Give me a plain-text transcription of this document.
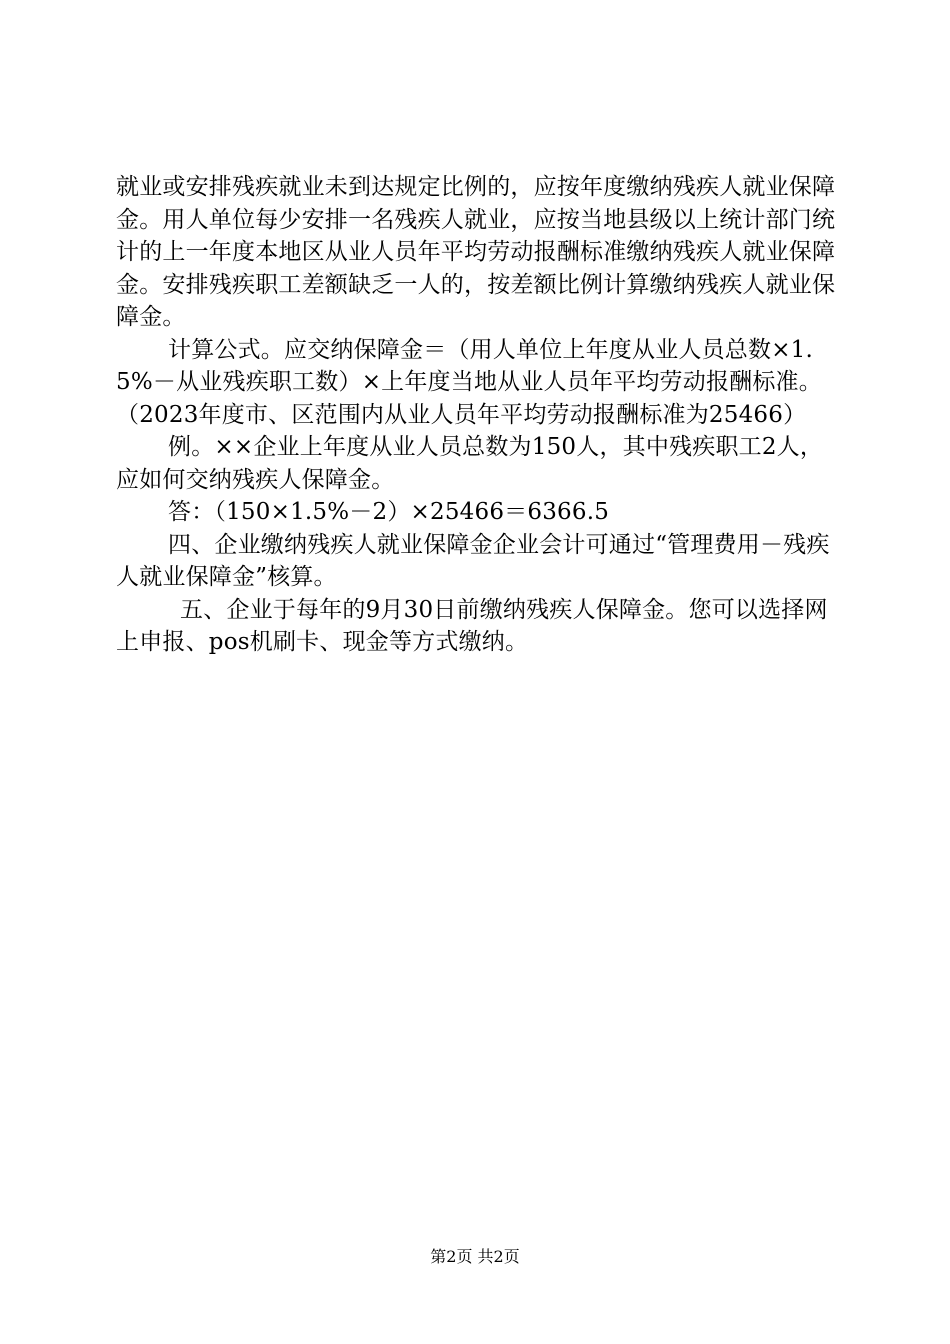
就业或安排残疾就业未到达规定比例的，应按年度缴纳残疾人就业保障金。用人单位每少安排一名残疾人就业，应按当地县级以上统计部门统计的上一年度本地区从业人员年平均劳动报酬标准缴纳残疾人就业保障金。安排残疾职工差额缺乏一人的，按差额比例计算缴纳残疾人就业保障金。

计算公式。应交纳保障金＝（用人单位上年度从业人员总数×1.5%－从业残疾职工数）×上年度当地从业人员年平均劳动报酬标准。（2023年度市、区范围内从业人员年平均劳动报酬标准为25466）

例。××企业上年度从业人员总数为150人，其中残疾职工2人，应如何交纳残疾人保障金。

答：（150×1.5%－2）×25466＝6366.5

四、企业缴纳残疾人就业保障金企业会计可通过“管理费用－残疾人就业保障金”核算。

五、企业于每年的9月30日前缴纳残疾人保障金。您可以选择网上申报、pos机刷卡、现金等方式缴纳。

第2页 共2页
